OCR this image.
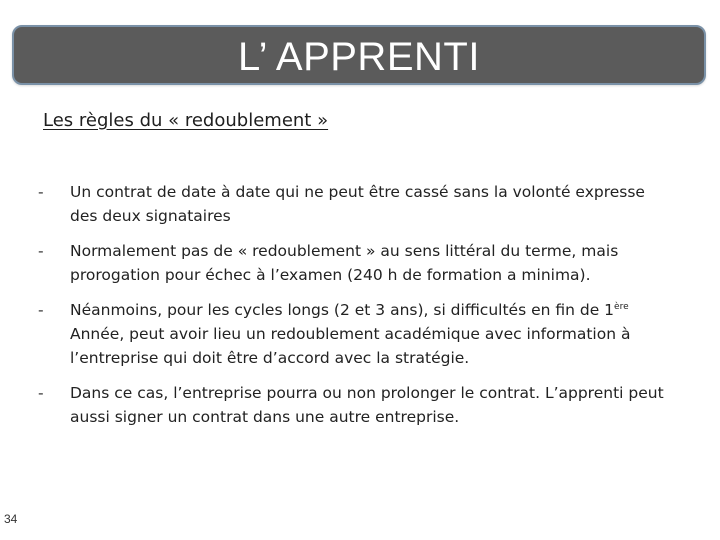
L’ APPRENTI
Les règles du « redoublement »
-	Un contrat de date à date qui ne peut être cassé sans la volonté expresse des deux signataires
-	Normalement pas de « redoublement » au sens littéral du terme, mais prorogation pour échec à l’examen (240 h de formation a minima).
-	Néanmoins, pour les cycles longs (2 et 3 ans), si difficultés en fin de 1ère Année, peut avoir lieu un redoublement académique avec information à l’entreprise qui doit être d’accord avec la stratégie.
-	Dans ce cas, l’entreprise pourra ou non prolonger le contrat. L’apprenti peut aussi signer un contrat dans une autre entreprise.
34
